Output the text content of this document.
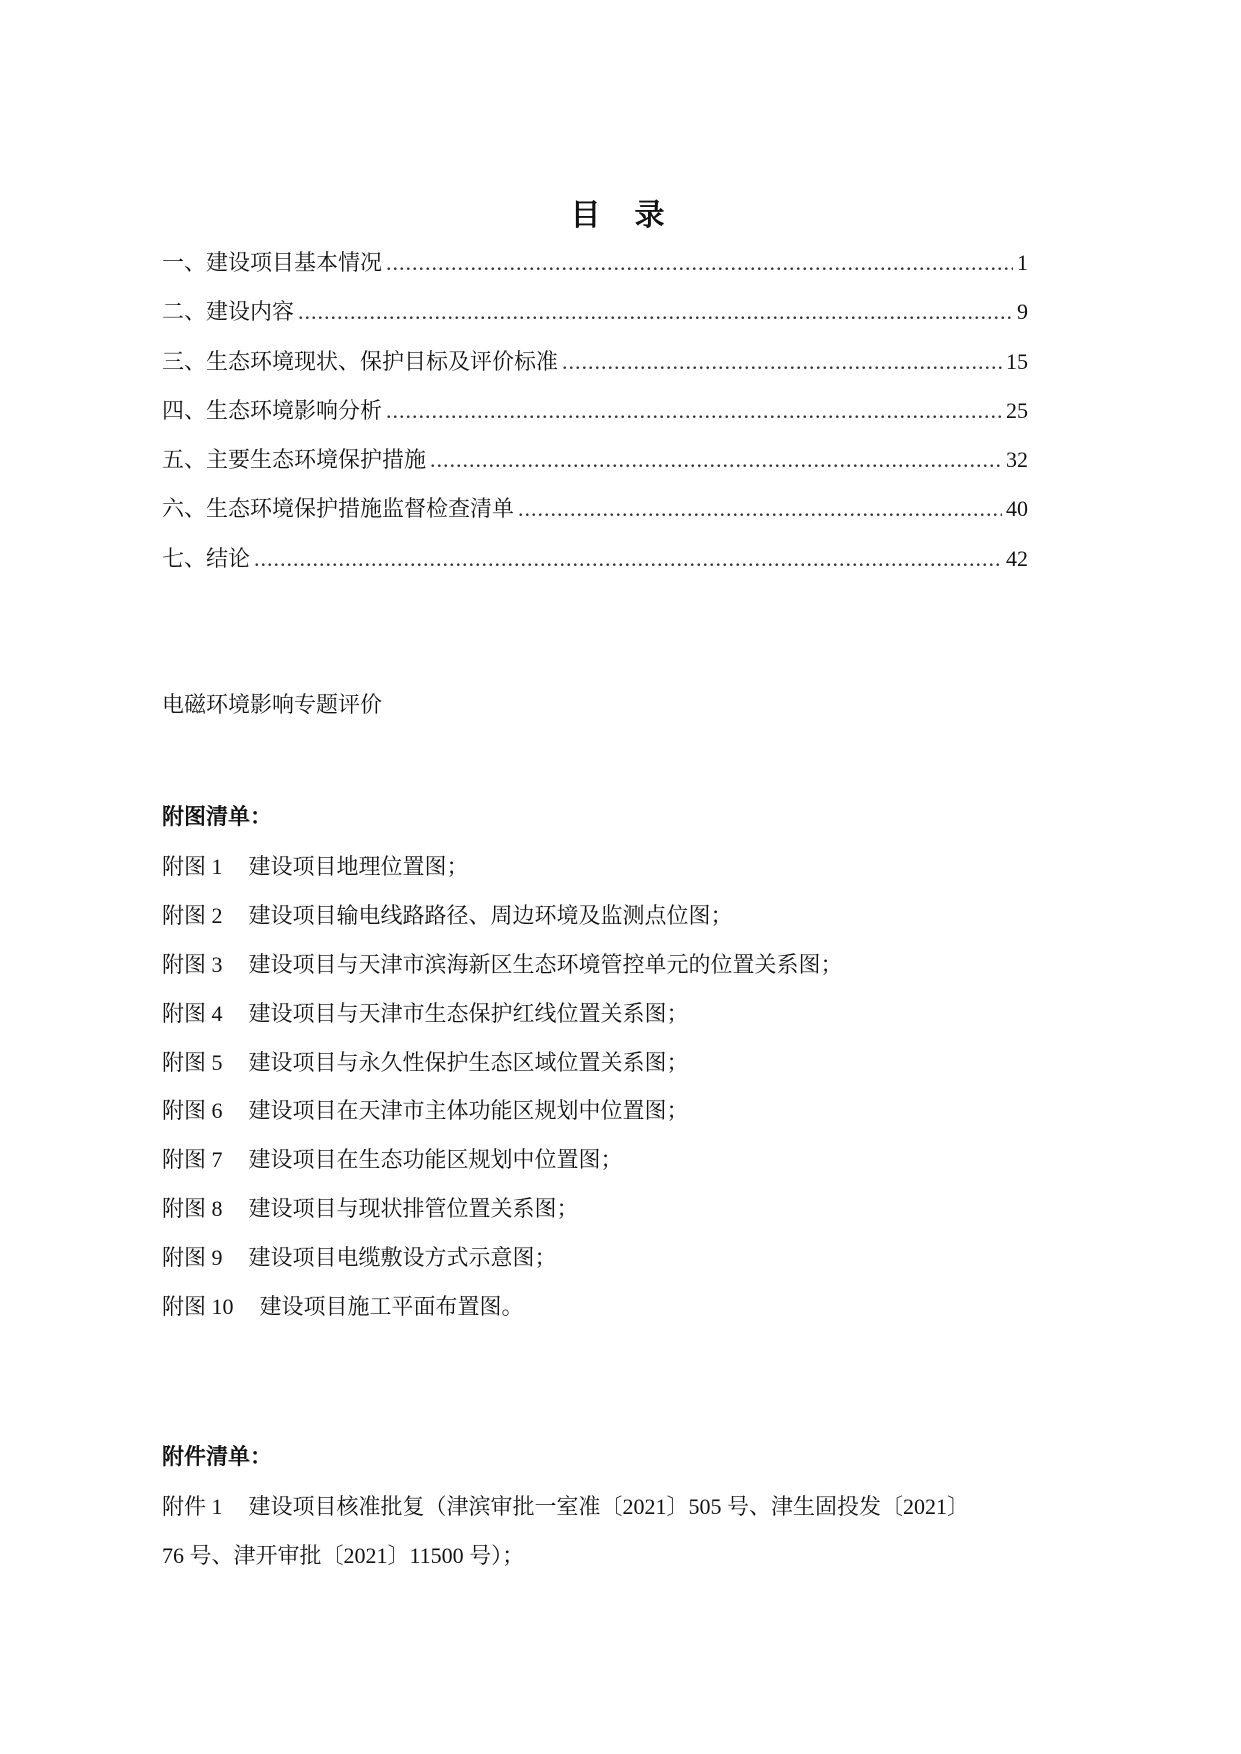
目 录
一、建设项目基本情况 .....	1
二、建设内容 .....	9
三、生态环境现状、保护目标及评价标准 .....	15
四、生态环境影响分析 .....	25
五、主要生态环境保护措施 .....	32
六、生态环境保护措施监督检查清单 .....	40
七、结论 .....	42
电磁环境影响专题评价
附图清单：
附图 1 建设项目地理位置图；
附图 2 建设项目输电线路路径、周边环境及监测点位图；
附图 3 建设项目与天津市滨海新区生态环境管控单元的位置关系图；
附图 4 建设项目与天津市生态保护红线位置关系图；
附图 5 建设项目与永久性保护生态区域位置关系图；
附图 6 建设项目在天津市主体功能区规划中位置图；
附图 7 建设项目在生态功能区规划中位置图；
附图 8 建设项目与现状排管位置关系图；
附图 9 建设项目电缆敷设方式示意图；
附图 10 建设项目施工平面布置图。
附件清单：
附件 1 建设项目核准批复（津滨审批一室准〔2021〕505 号、津生固投发〔2021〕
76 号、津开审批〔2021〕11500 号）；
